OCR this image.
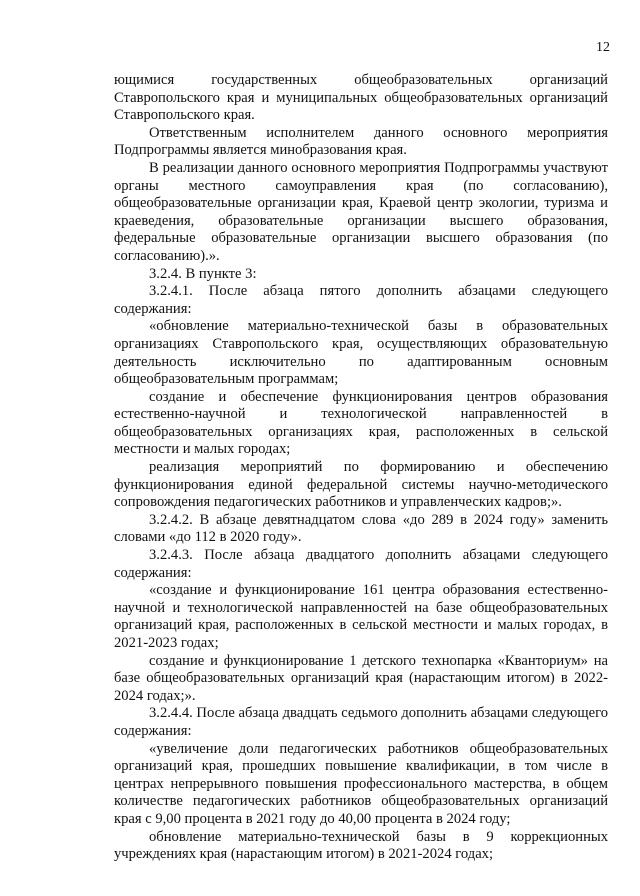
12

ющимися государственных общеобразовательных организаций Ставропольского края и муниципальных общеобразовательных организаций Ставропольского края.

Ответственным исполнителем данного основного мероприятия Подпрограммы является минобразования края.

В реализации данного основного мероприятия Подпрограммы участвуют органы местного самоуправления края (по согласованию), общеобразовательные организации края, Краевой центр экологии, туризма и краеведения, образовательные организации высшего образования, федеральные образовательные организации высшего образования (по согласованию).».

3.2.4. В пункте 3:

3.2.4.1. После абзаца пятого дополнить абзацами следующего содержания:

«обновление материально-технической базы в образовательных организациях Ставропольского края, осуществляющих образовательную деятельность исключительно по адаптированным основным общеобразовательным программам;

создание и обеспечение функционирования центров образования естественно-научной и технологической направленностей в общеобразовательных организациях края, расположенных в сельской местности и малых городах;

реализация мероприятий по формированию и обеспечению функционирования единой федеральной системы научно-методического сопровождения педагогических работников и управленческих кадров;».

3.2.4.2. В абзаце девятнадцатом слова «до 289 в 2024 году» заменить словами «до 112 в 2020 году».

3.2.4.3. После абзаца двадцатого дополнить абзацами следующего содержания:

«создание и функционирование 161 центра образования естественно-научной и технологической направленностей на базе общеобразовательных организаций края, расположенных в сельской местности и малых городах, в 2021-2023 годах;

создание и функционирование 1 детского технопарка «Кванториум» на базе общеобразовательных организаций края (нарастающим итогом) в 2022-2024 годах;».

3.2.4.4. После абзаца двадцать седьмого дополнить абзацами следующего содержания:

«увеличение доли педагогических работников общеобразовательных организаций края, прошедших повышение квалификации, в том числе в центрах непрерывного повышения профессионального мастерства, в общем количестве педагогических работников общеобразовательных организаций края с 9,00 процента в 2021 году до 40,00 процента в 2024 году;

обновление материально-технической базы в 9 коррекционных учреждениях края (нарастающим итогом) в 2021-2024 годах;
